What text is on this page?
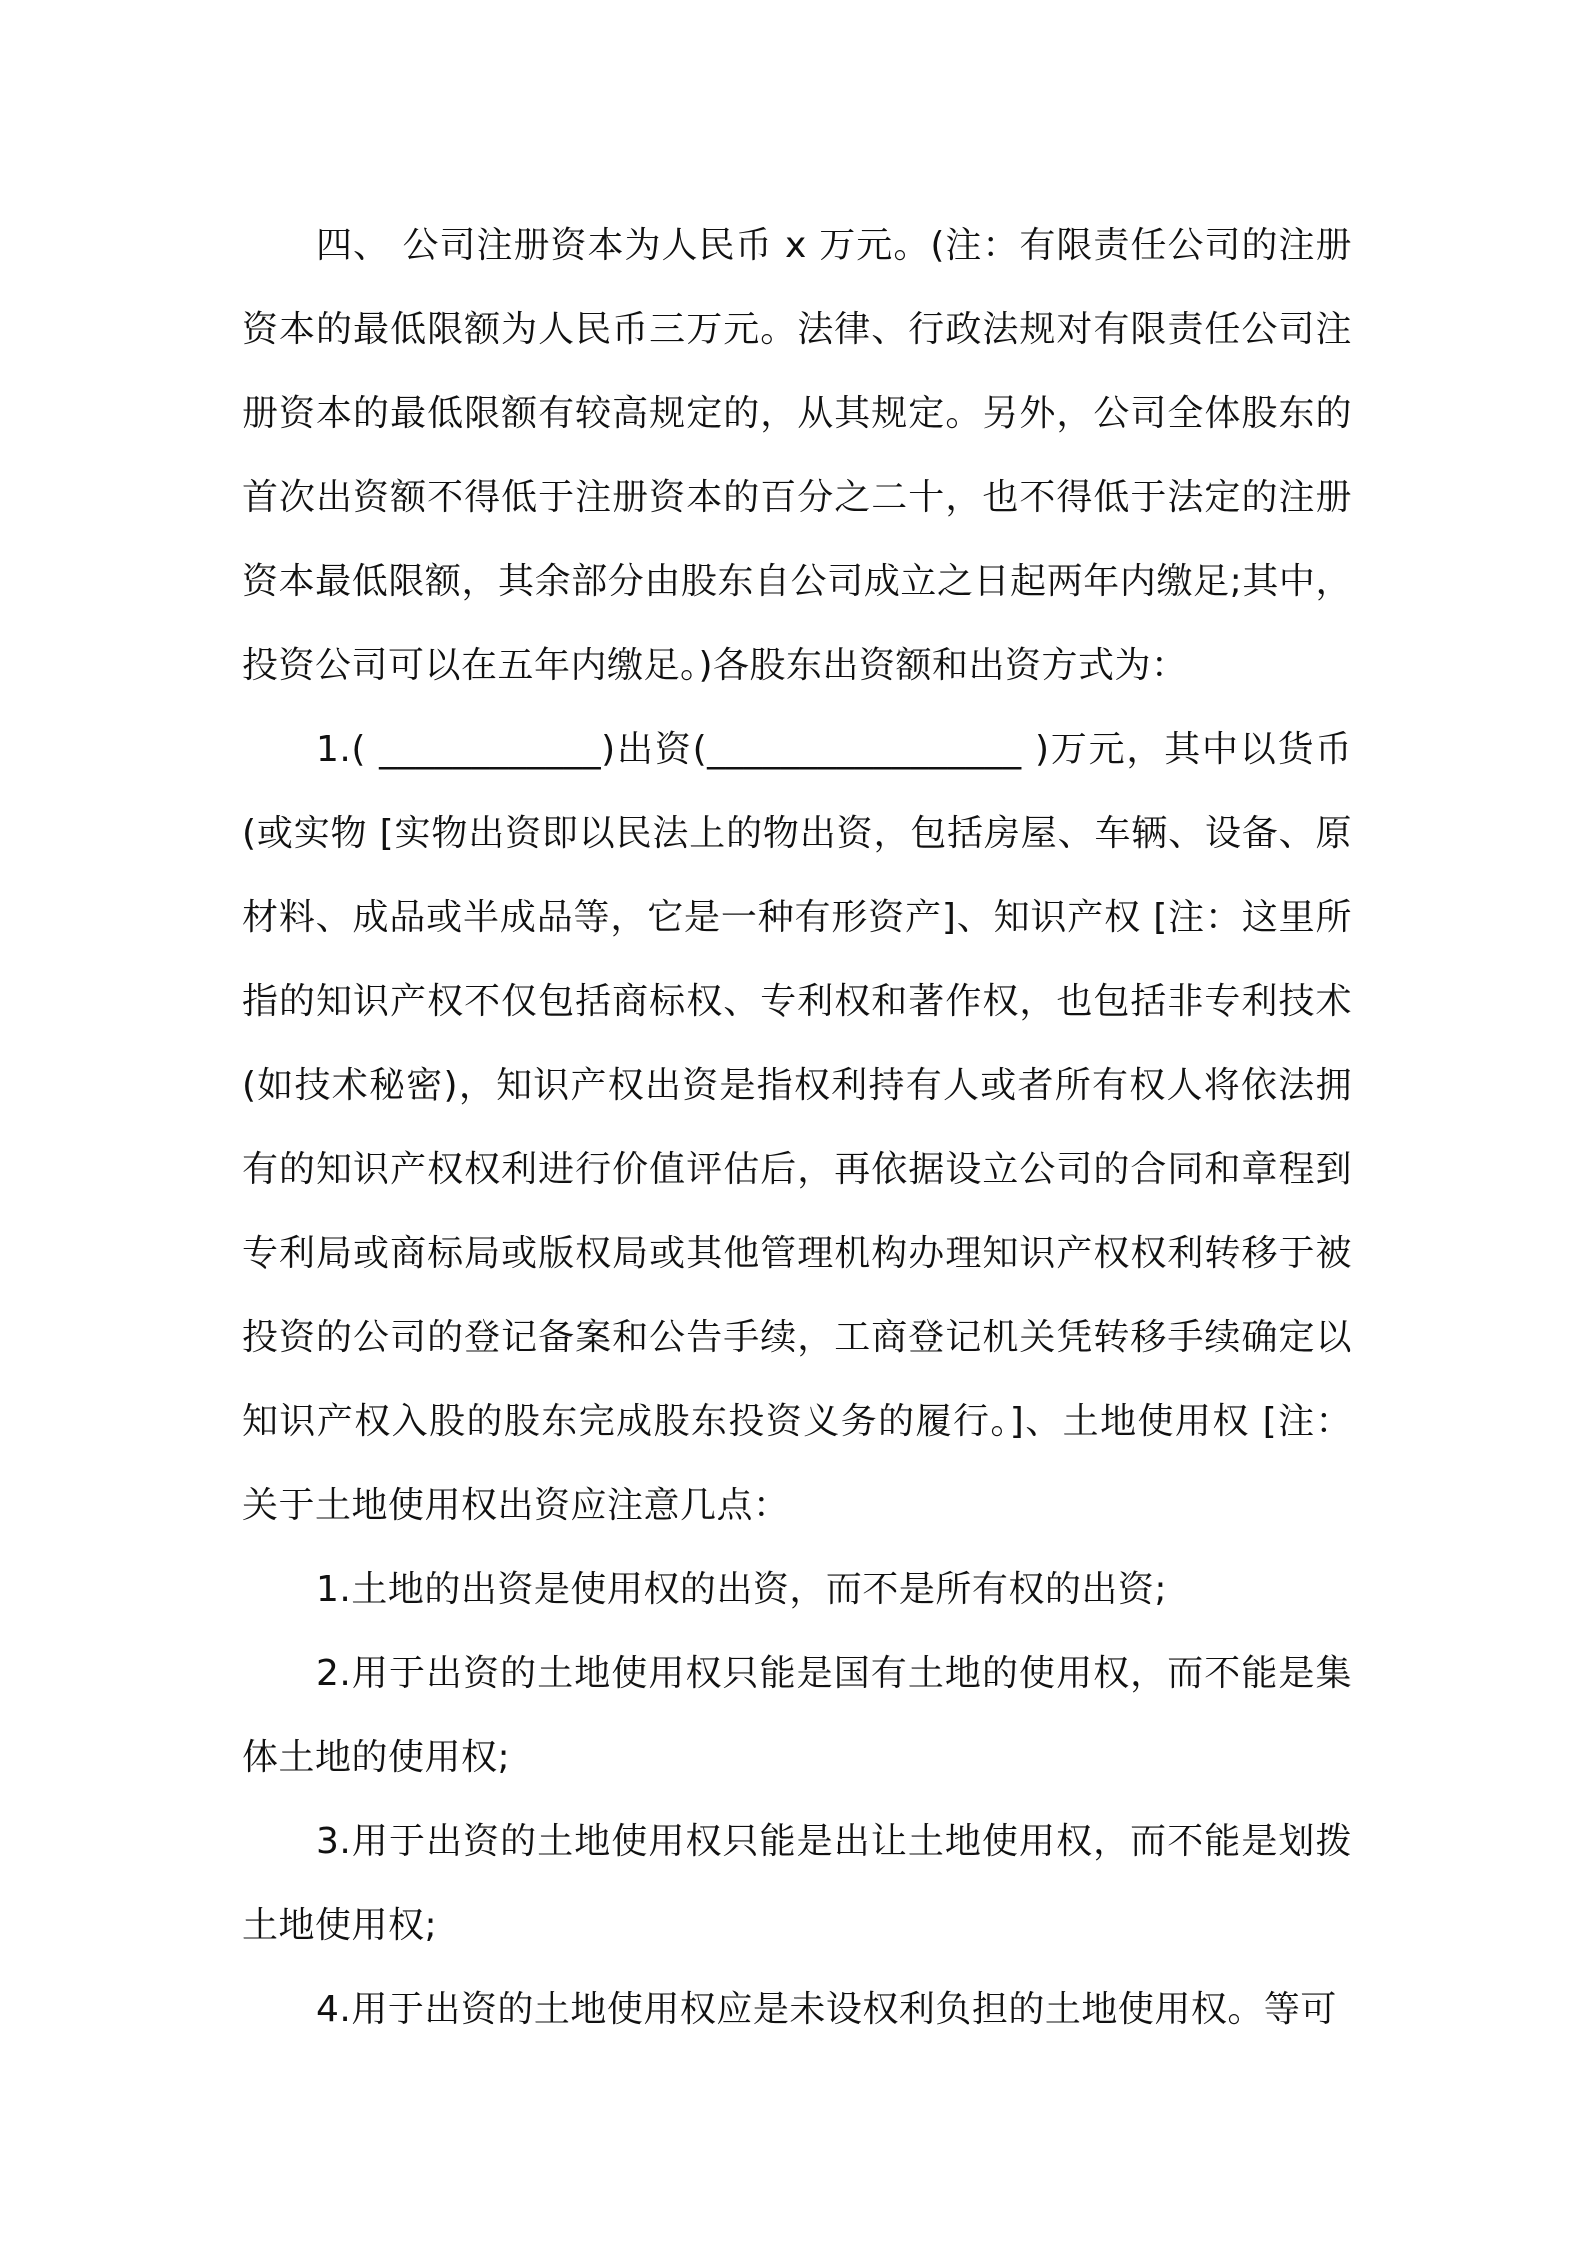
四、 公司注册资本为人民币 x 万元。(注：有限责任公司的注册资本的最低限额为人民币三万元。法律、行政法规对有限责任公司注册资本的最低限额有较高规定的，从其规定。另外，公司全体股东的首次出资额不得低于注册资本的百分之二十，也不得低于法定的注册资本最低限额，其余部分由股东自公司成立之日起两年内缴足;其中，投资公司可以在五年内缴足。)各股东出资额和出资方式为：

1.( ____________)出资(_________________ )万元，其中以货币(或实物 [实物出资即以民法上的物出资，包括房屋、车辆、设备、原材料、成品或半成品等，它是一种有形资产]、知识产权 [注：这里所指的知识产权不仅包括商标权、专利权和著作权，也包括非专利技术(如技术秘密)，知识产权出资是指权利持有人或者所有权人将依法拥有的知识产权权利进行价值评估后，再依据设立公司的合同和章程到专利局或商标局或版权局或其他管理机构办理知识产权权利转移于被投资的公司的登记备案和公告手续，工商登记机关凭转移手续确定以知识产权入股的股东完成股东投资义务的履行。]、土地使用权 [注：关于土地使用权出资应注意几点：

1.土地的出资是使用权的出资，而不是所有权的出资;

2.用于出资的土地使用权只能是国有土地的使用权，而不能是集体土地的使用权;

3.用于出资的土地使用权只能是出让土地使用权，而不能是划拨土地使用权;

4.用于出资的土地使用权应是未设权利负担的土地使用权。等可
